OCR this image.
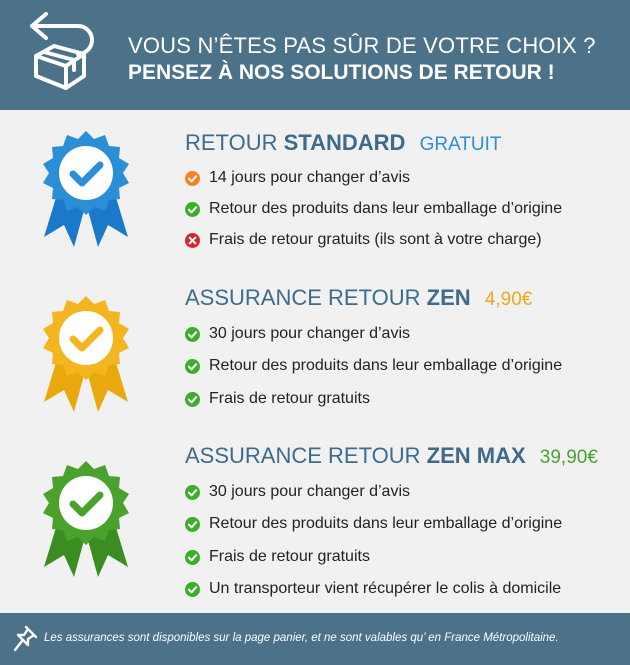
VOUS N’ÊTES PAS SÛR DE VOTRE CHOIX ?
PENSEZ À NOS SOLUTIONS DE RETOUR !
RETOUR STANDARD GRATUIT
14 jours pour changer d’avis
Retour des produits dans leur emballage d’origine
Frais de retour gratuits (ils sont à votre charge)
ASSURANCE RETOUR ZEN 4,90€
30 jours pour changer d’avis
Retour des produits dans leur emballage d’origine
Frais de retour gratuits
ASSURANCE RETOUR ZEN MAX 39,90€
30 jours pour changer d’avis
Retour des produits dans leur emballage d’origine
Frais de retour gratuits
Un transporteur vient récupérer le colis à domicile
Les assurances sont disponibles sur la page panier, et ne sont valables qu’ en France Métropolitaine.
